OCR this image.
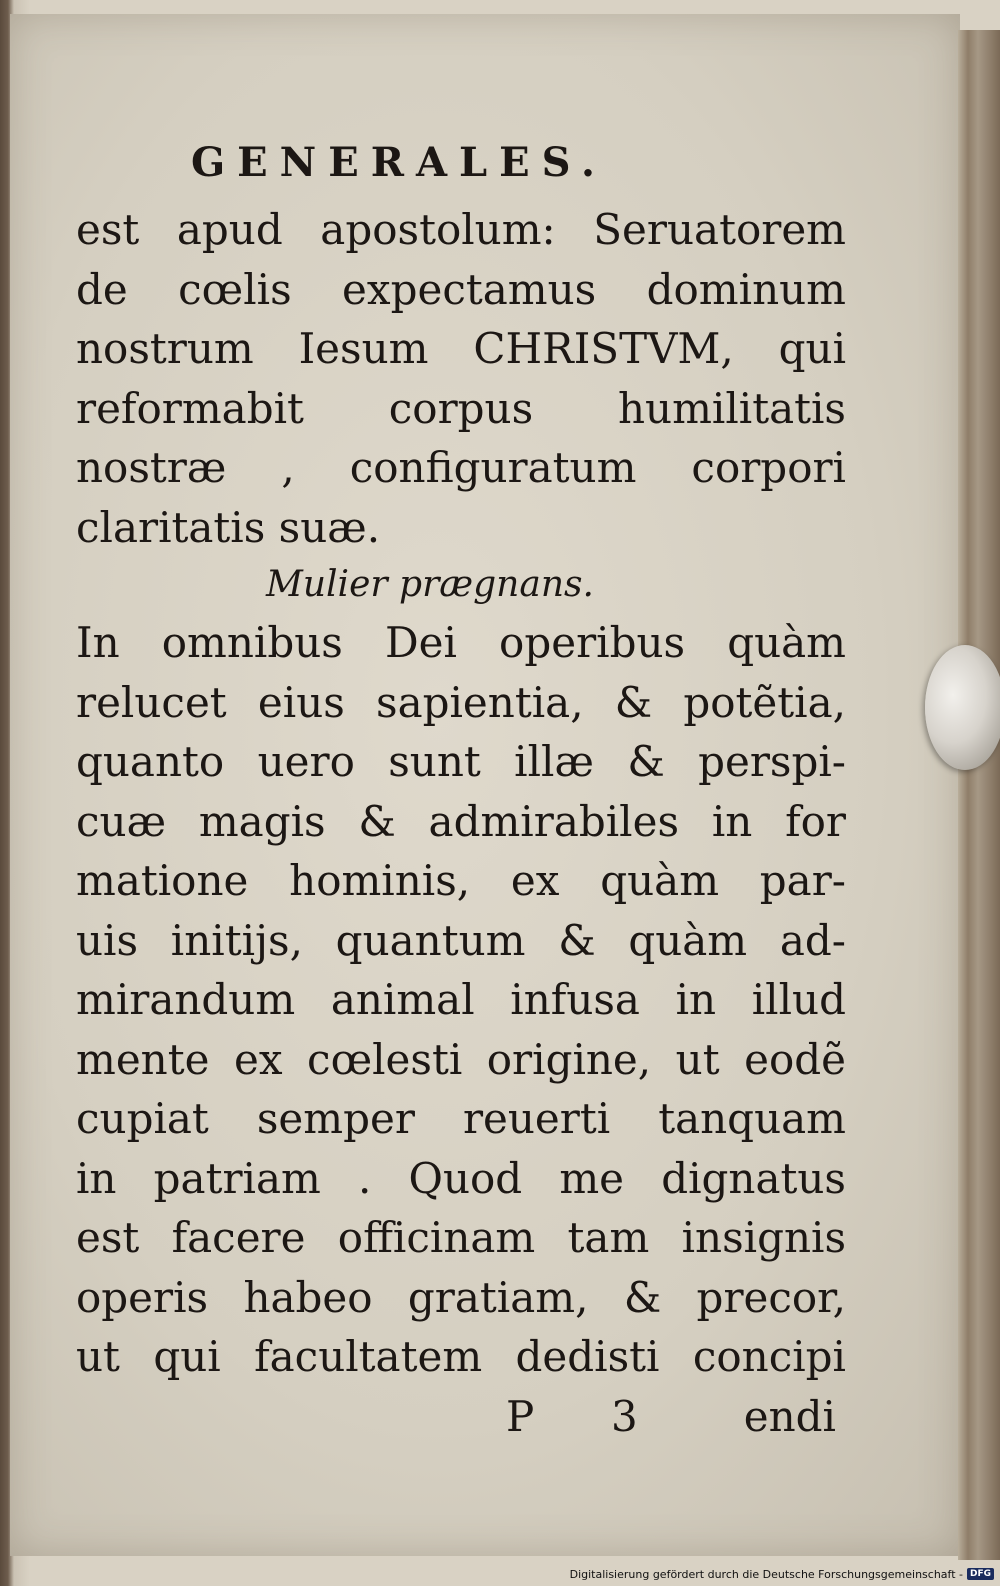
GENERALES.
est apud apostolum: Seruatorem
de cœlis expectamus dominum
nostrum Iesum CHRISTVM, qui
reformabit corpus humilitatis
nostræ , configuratum corpori
claritatis suæ.
Mulier prægnans.
In omnibus Dei operibus quàm
relucet eius sapientia, & potẽtia,
quanto uero sunt illæ & perspi-
cuæ magis & admirabiles in for
matione hominis, ex quàm par-
uis initijs, quantum & quàm ad-
mirandum animal infusa in illud
mente ex cœlesti origine, ut eodẽ
cupiat semper reuerti tanquam
in patriam . Quod me dignatus
est facere officinam tam insignis
operis habeo gratiam, & precor,
ut qui facultatem dedisti concipi
P 3	endi
Digitalisierung gefördert durch die Deutsche Forschungsgemeinschaft - DFG
